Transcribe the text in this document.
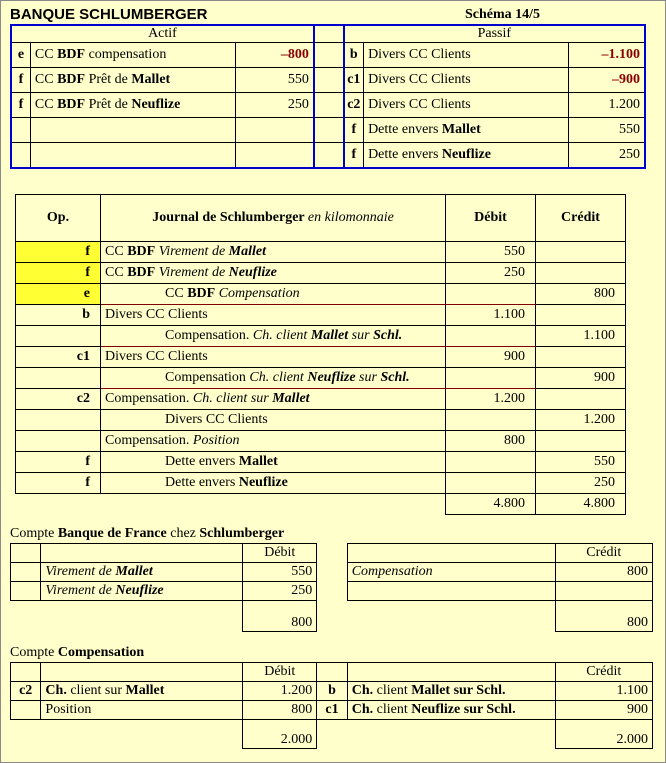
BANQUE SCHLUMBERGER	Schéma 14/5
Actif				Passif		
e	CC BDF compensation	–800		b	Divers CC Clients	–1.100
f	CC BDF Prêt de Mallet	550		c1	Divers CC Clients	–900
f	CC BDF Prêt de Neuflize	250		c2	Divers CC Clients	1.200
				f	Dette envers Mallet	550
				f	Dette envers Neuflize	250
Op.	Journal de Schlumberger en kilomonnaie	Débit	Crédit
f	CC BDF Virement de Mallet	550	
f	CC BDF Virement de Neuflize	250	
e	CC BDF Compensation		800
b	Divers CC Clients	1.100	
	Compensation. Ch. client Mallet sur Schl.		1.100
c1	Divers CC Clients	900	
	Compensation Ch. client Neuflize sur Schl.		900
c2	Compensation. Ch. client sur Mallet	1.200	
	Divers CC Clients		1.200
	Compensation. Position	800	
f	Dette envers Mallet		550
f	Dette envers Neuflize		250
		4.800	4.800
Compte Banque de France chez Schlumberger
		Débit			Crédit
	Virement de Mallet	550		Compensation	800
	Virement de Neuflize	250			
		800			800
Compte Compensation
		Débit			Crédit
c2	Ch. client sur Mallet	1.200	b	Ch. client Mallet sur Schl.	1.100
	Position	800	c1	Ch. client Neuflize sur Schl.	900
		2.000			2.000
